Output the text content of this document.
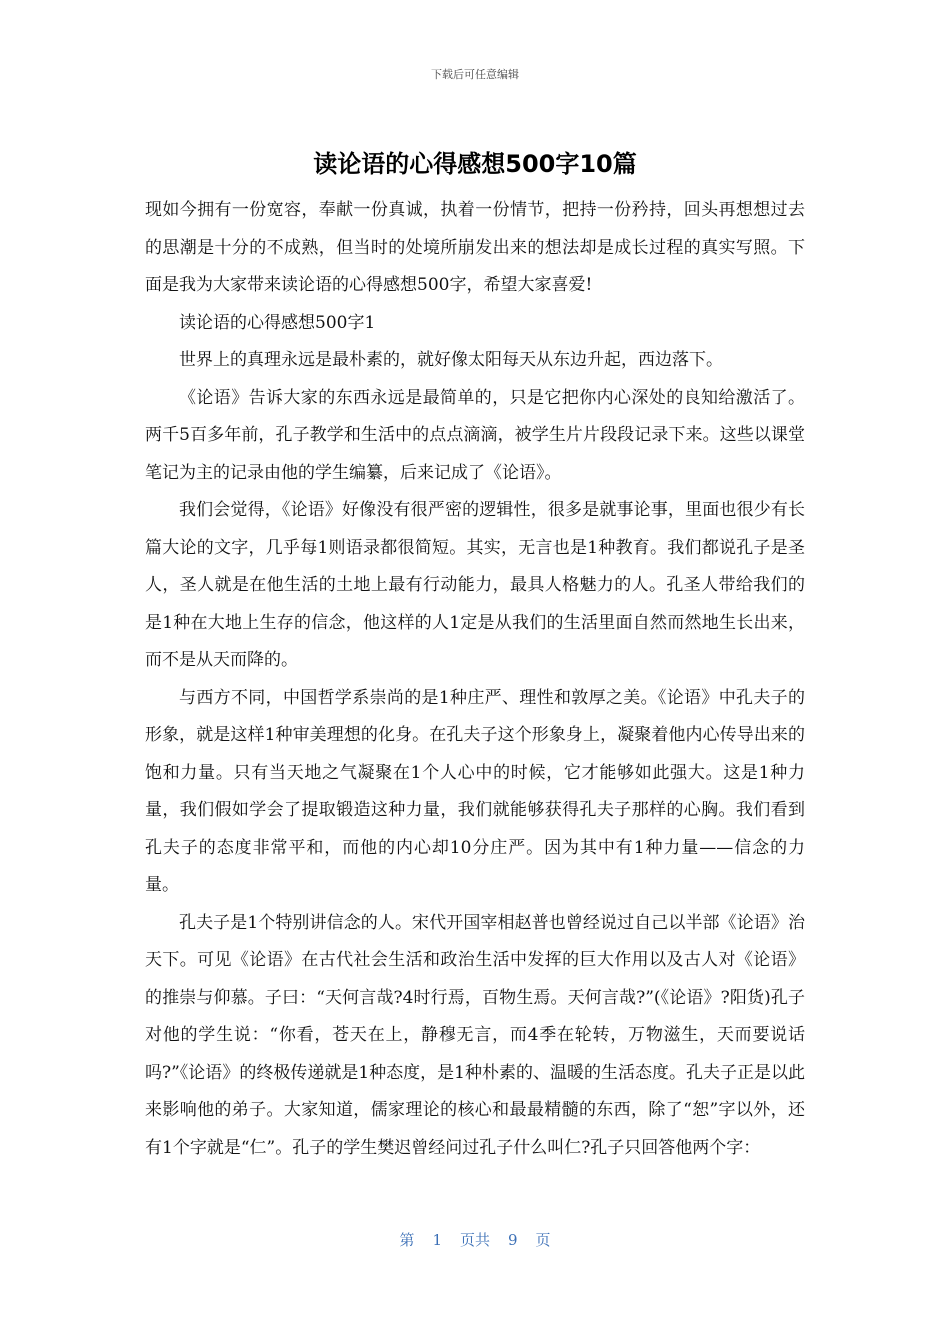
下载后可任意编辑
读论语的心得感想500字10篇

现如今拥有一份宽容，奉献一份真诚，执着一份情节，把持一份矜持，回头再想想过去的思潮是十分的不成熟，但当时的处境所崩发出来的想法却是成长过程的真实写照。下面是我为大家带来读论语的心得感想500字，希望大家喜爱!

读论语的心得感想500字1

世界上的真理永远是最朴素的，就好像太阳每天从东边升起，西边落下。

《论语》告诉大家的东西永远是最简单的，只是它把你内心深处的良知给激活了。两千5百多年前，孔子教学和生活中的点点滴滴，被学生片片段段记录下来。这些以课堂笔记为主的记录由他的学生编纂，后来记成了《论语》。

我们会觉得，《论语》好像没有很严密的逻辑性，很多是就事论事，里面也很少有长篇大论的文字，几乎每1则语录都很简短。其实，无言也是1种教育。我们都说孔子是圣人，圣人就是在他生活的土地上最有行动能力，最具人格魅力的人。孔圣人带给我们的是1种在大地上生存的信念，他这样的人1定是从我们的生活里面自然而然地生长出来，而不是从天而降的。

与西方不同，中国哲学系崇尚的是1种庄严、理性和敦厚之美。《论语》中孔夫子的形象，就是这样1种审美理想的化身。在孔夫子这个形象身上，凝聚着他内心传导出来的饱和力量。只有当天地之气凝聚在1个人心中的时候，它才能够如此强大。这是1种力量，我们假如学会了提取锻造这种力量，我们就能够获得孔夫子那样的心胸。我们看到孔夫子的态度非常平和，而他的内心却10分庄严。因为其中有1种力量——信念的力量。

孔夫子是1个特别讲信念的人。宋代开国宰相赵普也曾经说过自己以半部《论语》治天下。可见《论语》在古代社会生活和政治生活中发挥的巨大作用以及古人对《论语》的推崇与仰慕。子曰：“天何言哉?4时行焉，百物生焉。天何言哉?”(《论语》?阳货)孔子对他的学生说：“你看，苍天在上，静穆无言，而4季在轮转，万物滋生，天而要说话吗?”《论语》的终极传递就是1种态度，是1种朴素的、温暖的生活态度。孔夫子正是以此来影响他的弟子。大家知道，儒家理论的核心和最最精髓的东西，除了“恕”字以外，还有1个字就是“仁”。孔子的学生樊迟曾经问过孔子什么叫仁?孔子只回答他两个字：

第 1 页共 9 页
